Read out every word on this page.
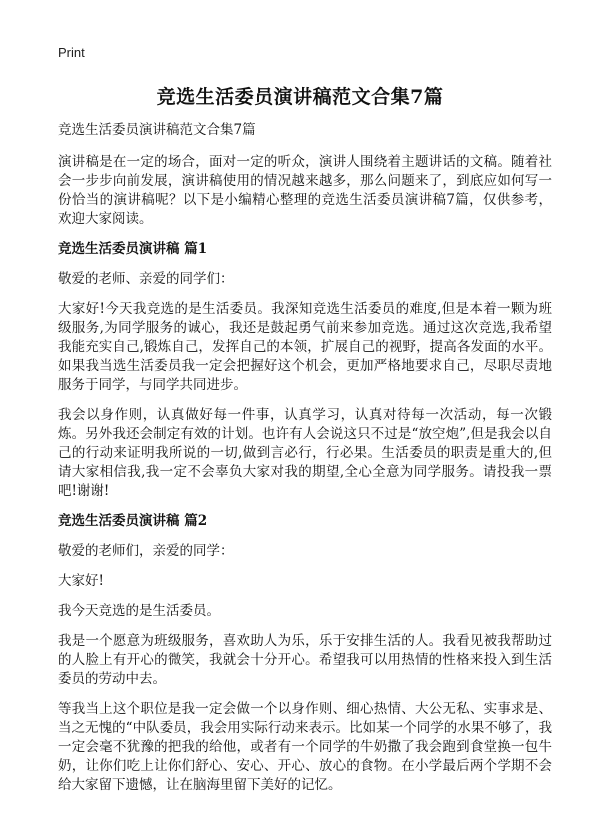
Print
竞选生活委员演讲稿范文合集7篇

竞选生活委员演讲稿范文合集7篇

演讲稿是在一定的场合，面对一定的听众，演讲人围绕着主题讲话的文稿。随着社会一步步向前发展，演讲稿使用的情况越来越多，那么问题来了，到底应如何写一份恰当的演讲稿呢？以下是小编精心整理的竞选生活委员演讲稿7篇，仅供参考，欢迎大家阅读。

竞选生活委员演讲稿 篇1

敬爱的老师、亲爱的同学们：

大家好!今天我竞选的是生活委员。我深知竞选生活委员的难度,但是本着一颗为班级服务,为同学服务的诚心，我还是鼓起勇气前来参加竞选。通过这次竞选,我希望我能充实自己,锻炼自己，发挥自己的本领，扩展自己的视野，提高各发面的水平。如果我当选生活委员我一定会把握好这个机会，更加严格地要求自己，尽职尽责地服务于同学，与同学共同进步。

我会以身作则，认真做好每一件事，认真学习，认真对待每一次活动，每一次锻炼。另外我还会制定有效的计划。也许有人会说这只不过是“放空炮”,但是我会以自己的行动来证明我所说的一切,做到言必行，行必果。生活委员的职责是重大的,但请大家相信我,我一定不会辜负大家对我的期望,全心全意为同学服务。请投我一票吧!谢谢!

竞选生活委员演讲稿 篇2

敬爱的老师们，亲爱的同学：

大家好!

我今天竞选的是生活委员。

我是一个愿意为班级服务，喜欢助人为乐，乐于安排生活的人。我看见被我帮助过的人脸上有开心的微笑，我就会十分开心。希望我可以用热情的性格来投入到生活委员的劳动中去。

等我当上这个职位是我一定会做一个以身作则、细心热情、大公无私、实事求是、当之无愧的“中队委员，我会用实际行动来表示。比如某一个同学的水果不够了，我一定会毫不犹豫的把我的给他，或者有一个同学的牛奶撒了我会跑到食堂换一包牛奶，让你们吃上让你们舒心、安心、开心、放心的食物。在小学最后两个学期不会给大家留下遗憾，让在脑海里留下美好的记忆。
